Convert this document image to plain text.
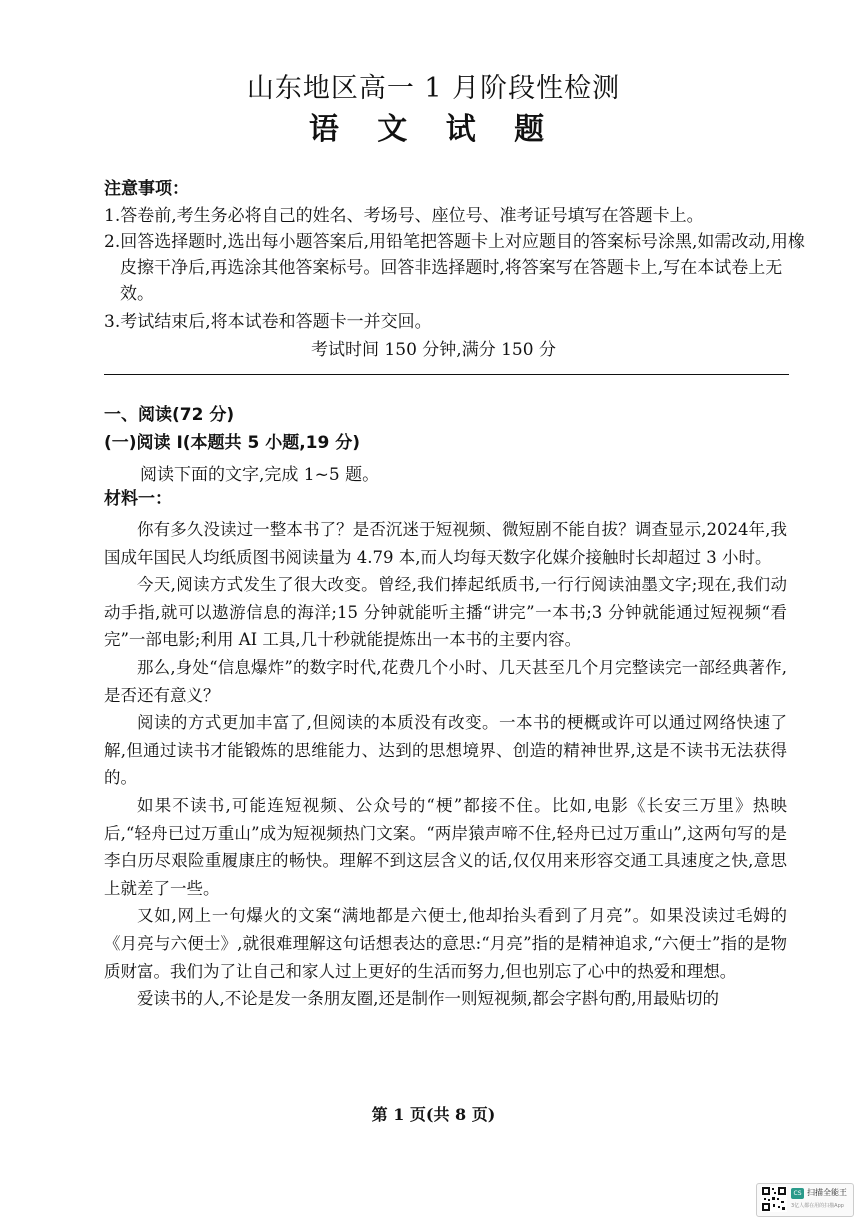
山东地区高一 1 月阶段性检测
语 文 试 题
注意事项：
1.答卷前,考生务必将自己的姓名、考场号、座位号、准考证号填写在答题卡上。
2.回答选择题时,选出每小题答案后,用铅笔把答题卡上对应题目的答案标号涂黑,如需改动,用橡皮擦干净后,再选涂其他答案标号。回答非选择题时,将答案写在答题卡上,写在本试卷上无效。
3.考试结束后,将本试卷和答题卡一并交回。
考试时间 150 分钟,满分 150 分
一、阅读(72 分)
(一)阅读 I(本题共 5 小题,19 分)
阅读下面的文字,完成 1~5 题。
材料一：

你有多久没读过一整本书了？是否沉迷于短视频、微短剧不能自拔？调查显示,2024年,我国成年国民人均纸质图书阅读量为 4.79 本,而人均每天数字化媒介接触时长却超过 3 小时。

今天,阅读方式发生了很大改变。曾经,我们捧起纸质书,一行行阅读油墨文字;现在,我们动动手指,就可以遨游信息的海洋;15 分钟就能听主播“讲完”一本书;3 分钟就能通过短视频“看完”一部电影;利用 AI 工具,几十秒就能提炼出一本书的主要内容。

那么,身处“信息爆炸”的数字时代,花费几个小时、几天甚至几个月完整读完一部经典著作,是否还有意义？

阅读的方式更加丰富了,但阅读的本质没有改变。一本书的梗概或许可以通过网络快速了解,但通过读书才能锻炼的思维能力、达到的思想境界、创造的精神世界,这是不读书无法获得的。

如果不读书,可能连短视频、公众号的“梗”都接不住。比如,电影《长安三万里》热映后,“轻舟已过万重山”成为短视频热门文案。“两岸猿声啼不住,轻舟已过万重山”,这两句写的是李白历尽艰险重履康庄的畅快。理解不到这层含义的话,仅仅用来形容交通工具速度之快,意思上就差了一些。

又如,网上一句爆火的文案“满地都是六便士,他却抬头看到了月亮”。如果没读过毛姆的《月亮与六便士》,就很难理解这句话想表达的意思:“月亮”指的是精神追求,“六便士”指的是物质财富。我们为了让自己和家人过上更好的生活而努力,但也别忘了心中的热爱和理想。

爱读书的人,不论是发一条朋友圈,还是制作一则短视频,都会字斟句酌,用最贴切的

第 1 页(共 8 页)
CS 扫描全能王
3亿人都在用的扫描App
